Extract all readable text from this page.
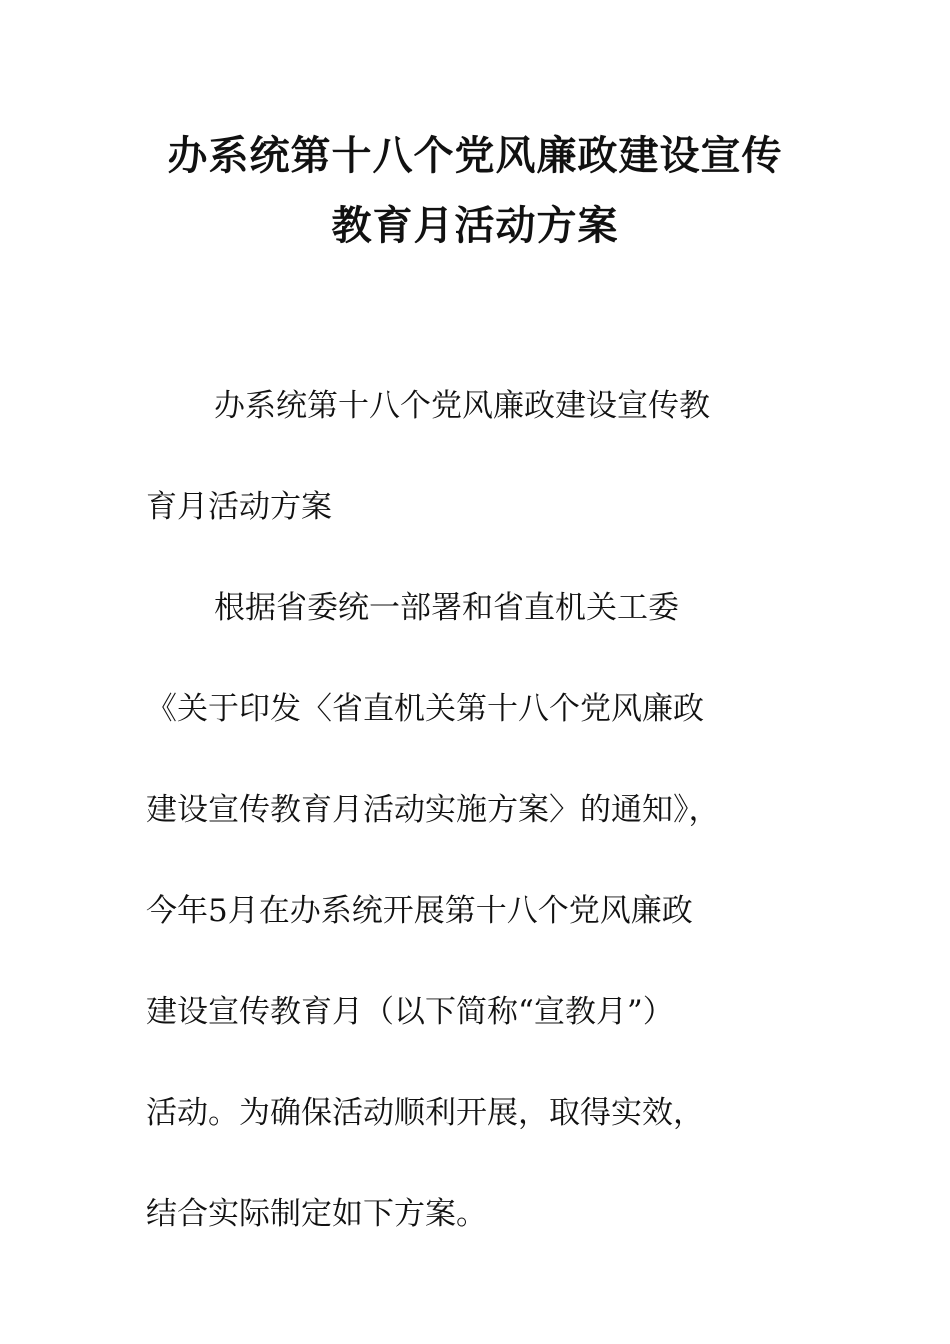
办系统第十八个党风廉政建设宣传
教育月活动方案
办系统第十八个党风廉政建设宣传教
育月活动方案
根据省委统一部署和省直机关工委
《关于印发〈省直机关第十八个党风廉政
建设宣传教育月活动实施方案〉的通知》，
今年5月在办系统开展第十八个党风廉政
建设宣传教育月（以下简称“宣教月”）
活动。为确保活动顺利开展，取得实效，
结合实际制定如下方案。
